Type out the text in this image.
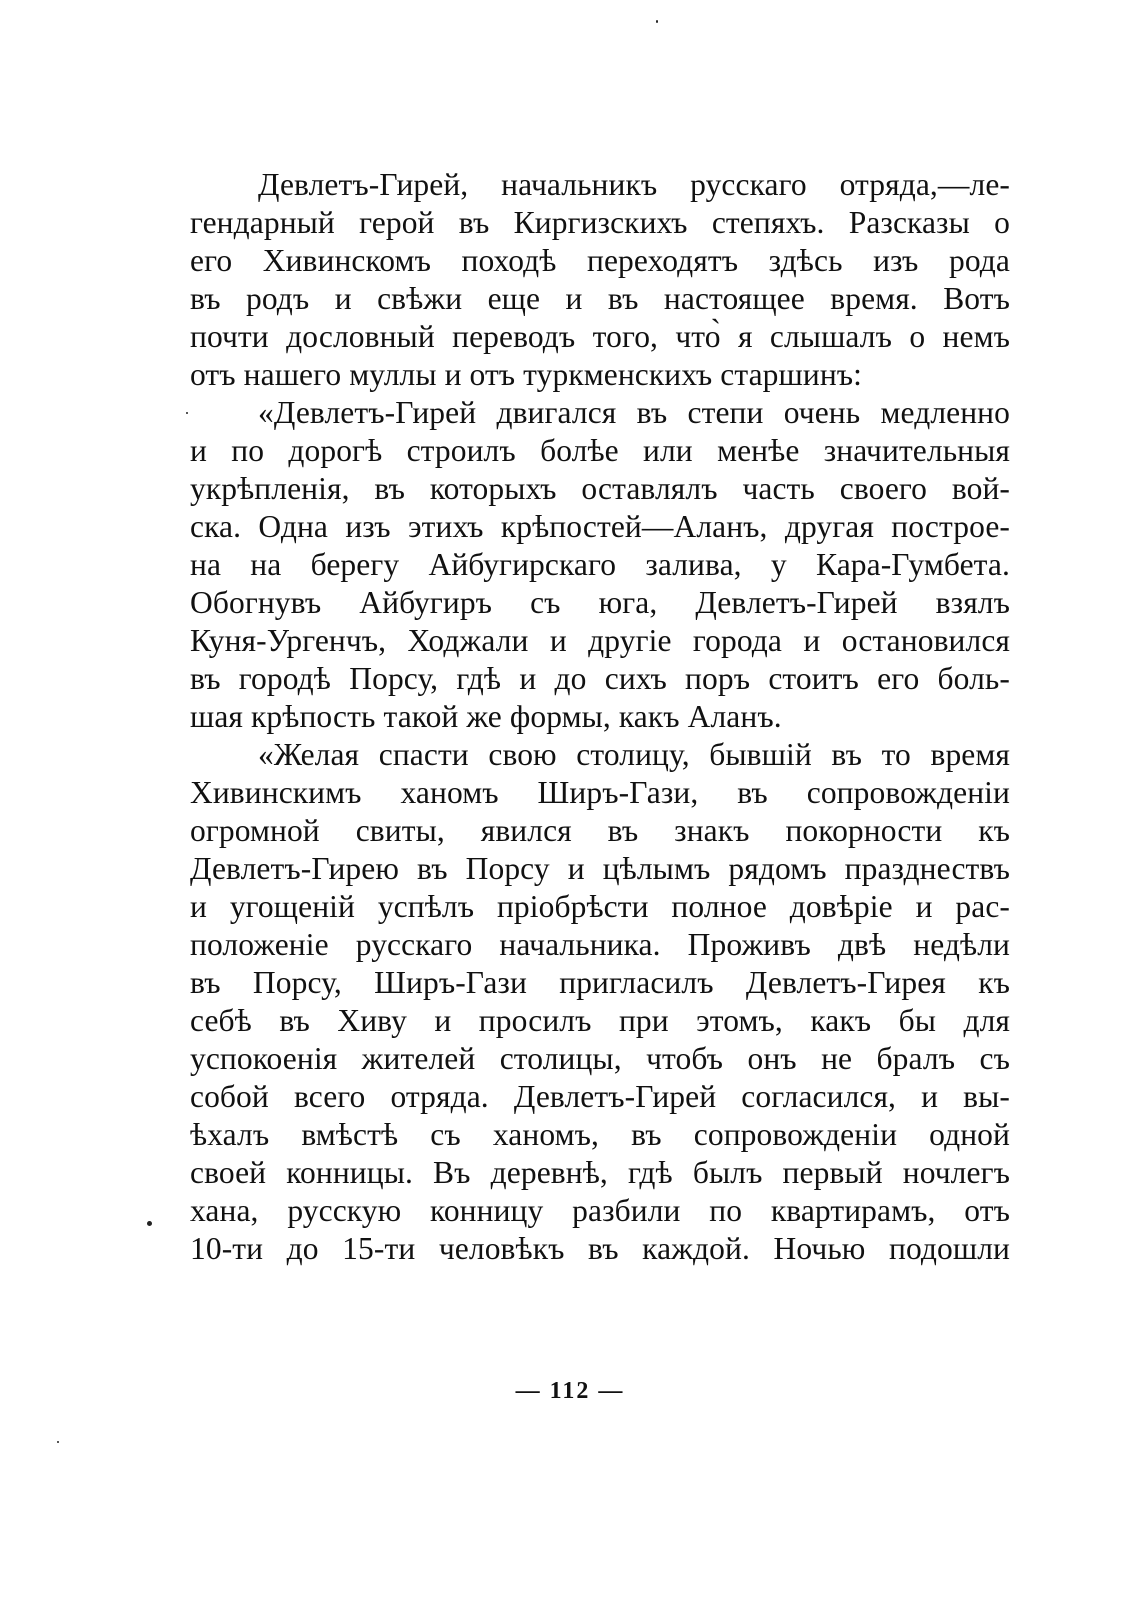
Девлетъ-Гирей, начальникъ русскаго отряда,—ле-
гендарный герой въ Киргизскихъ степяхъ. Разсказы о
его Хивинскомъ походѣ переходятъ здѣсь изъ рода
въ родъ и свѣжи еще и въ настоящее время. Вотъ
почти дословный переводъ того, что̀ я слышалъ о немъ
отъ нашего муллы и отъ туркменскихъ старшинъ:
«Девлетъ-Гирей двигался въ степи очень медленно
и по дорогѣ строилъ болѣе или менѣе значительныя
укрѣпленія, въ которыхъ оставлялъ часть своего вой-
ска. Одна изъ этихъ крѣпостей—Аланъ, другая построе-
на на берегу Айбугирскаго залива, у Кара-Гумбета.
Обогнувъ Айбугиръ съ юга, Девлетъ-Гирей взялъ
Куня-Ургенчъ, Ходжали и другіе города и остановился
въ городѣ Порсу, гдѣ и до сихъ поръ стоитъ его боль-
шая крѣпость такой же формы, какъ Аланъ.
«Желая спасти свою столицу, бывшій въ то время
Хивинскимъ ханомъ Ширъ-Гази, въ сопровожденіи
огромной свиты, явился въ знакъ покорности къ
Девлетъ-Гирею въ Порсу и цѣлымъ рядомъ празднествъ
и угощеній успѣлъ пріобрѣсти полное довѣріе и рас-
положеніе русскаго начальника. Проживъ двѣ недѣли
въ Порсу, Ширъ-Гази пригласилъ Девлетъ-Гирея къ
себѣ въ Хиву и просилъ при этомъ, какъ бы для
успокоенія жителей столицы, чтобъ онъ не бралъ съ
собой всего отряда. Девлетъ-Гирей согласился, и вы-
ѣхалъ вмѣстѣ съ ханомъ, въ сопровожденіи одной
своей конницы. Въ деревнѣ, гдѣ былъ первый ночлегъ
хана, русскую конницу разбили по квартирамъ, отъ
10-ти до 15-ти человѣкъ въ каждой. Ночью подошли
— 112 —
